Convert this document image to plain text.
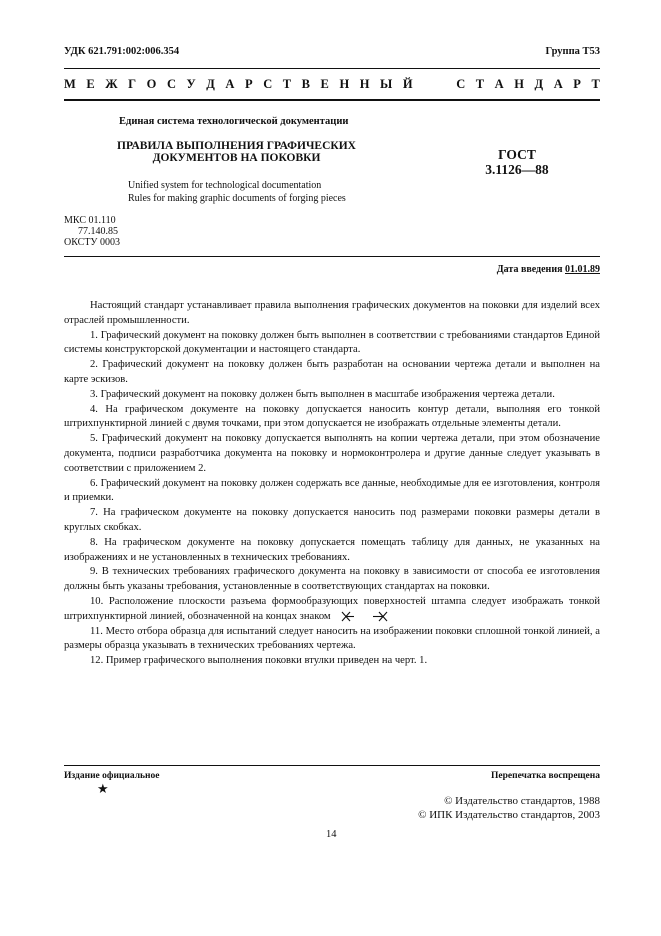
УДК 621.791:002:006.354	Группа Т53
М Е Ж Г О С У Д А Р С Т В Е Н Н Ы Й	С Т А Н Д А Р Т
Единая система технологической документации
ПРАВИЛА ВЫПОЛНЕНИЯ ГРАФИЧЕСКИХ ДОКУМЕНТОВ НА ПОКОВКИ	ГОСТ
3.1126—88
Unified system for technological documentation
Rules for making graphic documents of forging pieces
МКС 01.110
77.140.85
ОКСТУ 0003
Дата введения 01.01.89

Настоящий стандарт устанавливает правила выполнения графических документов на поковки для изделий всех отраслей промышленности.

1. Графический документ на поковку должен быть выполнен в соответствии с требованиями стандартов Единой системы конструкторской документации и настоящего стандарта.

2. Графический документ на поковку должен быть разработан на основании чертежа детали и выполнен на карте эскизов.

3. Графический документ на поковку должен быть выполнен в масштабе изображения чертежа детали.

4. На графическом документе на поковку допускается наносить контур детали, выполняя его тонкой штрихпунктирной линией с двумя точками, при этом допускается не изображать отдельные элементы детали.

5. Графический документ на поковку допускается выполнять на копии чертежа детали, при этом обозначение документа, подписи разработчика документа на поковку и нормоконтролера и другие данные следует указывать в соответствии с приложением 2.

6. Графический документ на поковку должен содержать все данные, необходимые для ее изготовления, контроля и приемки.

7. На графическом документе на поковку допускается наносить под размерами поковки размеры детали в круглых скобках.

8. На графическом документе на поковку допускается помещать таблицу для данных, не указанных на изображениях и не установленных в технических требованиях.

9. В технических требованиях графического документа на поковку в зависимости от способа ее изготовления должны быть указаны требования, установленные в соответствующих стандартах на поковки.

10. Расположение плоскости разъема формообразующих поверхностей штампа следует изображать тонкой штрихпунктирной линией, обозначенной на концах знаком

11. Место отбора образца для испытаний следует наносить на изображении поковки сплошной тонкой линией, а размеры образца указывать в технических требованиях чертежа.

12. Пример графического выполнения поковки втулки приведен на черт. 1.

Издание официальное
★
Перепечатка воспрещена
© Издательство стандартов, 1988
© ИПК Издательство стандартов, 2003
14
